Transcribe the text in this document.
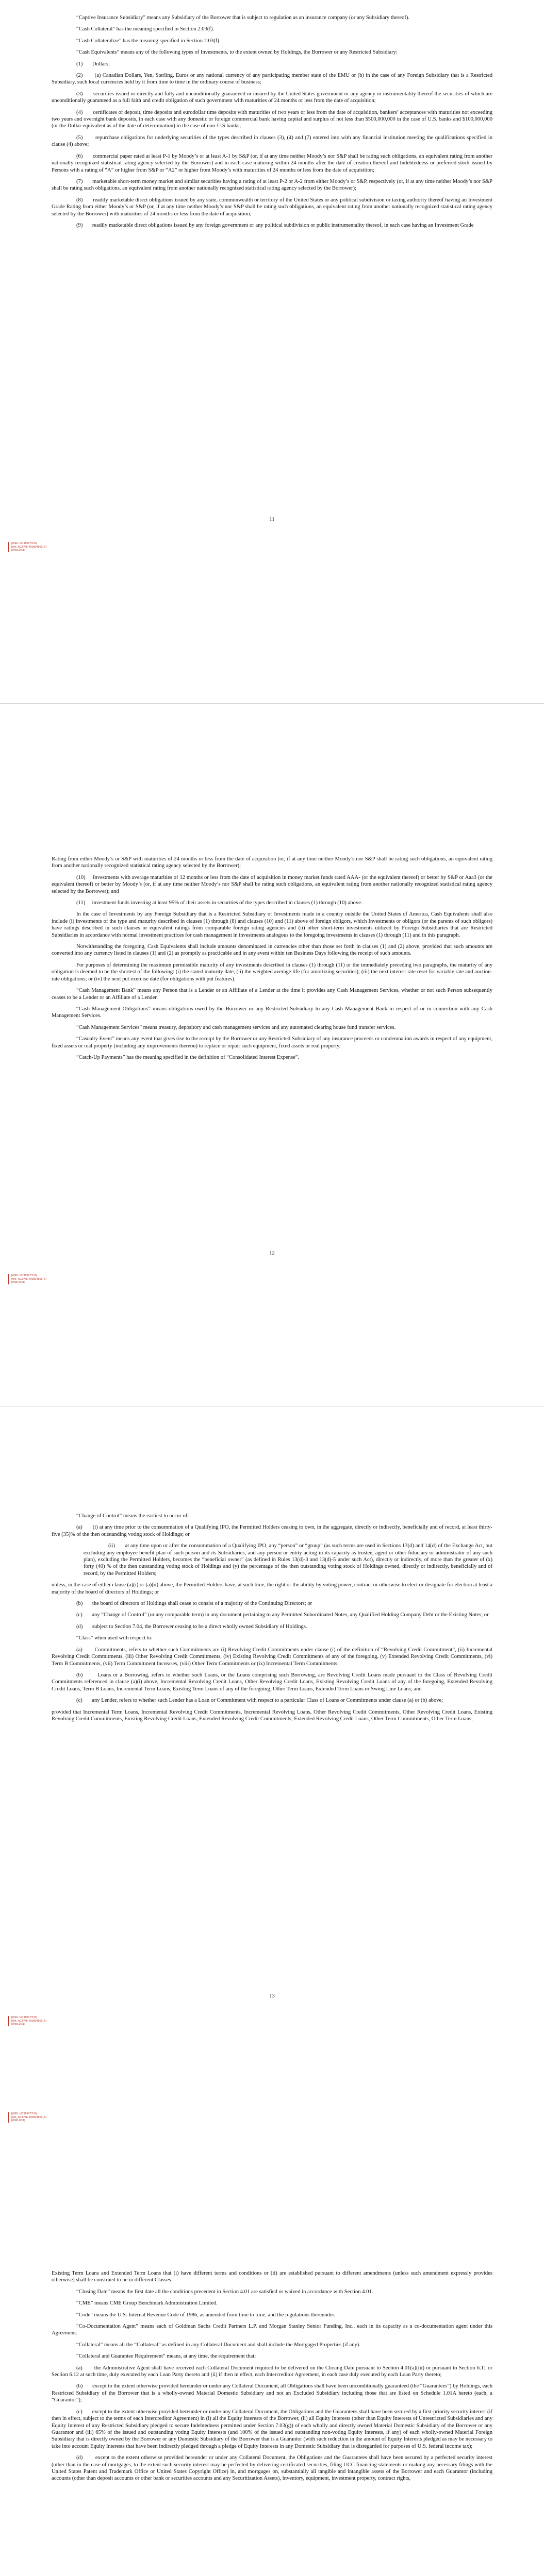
“Captive Insurance Subsidiary” means any Subsidiary of the Borrower that is subject to regulation as an insurance company (or any Subsidiary thereof).

“Cash Collateral” has the meaning specified in Section 2.03(f).

“Cash Collateralize” has the meaning specified in Section 2.03(f).

“Cash Equivalents” means any of the following types of Investments, to the extent owned by Holdings, the Borrower or any Restricted Subsidiary:

(1)       Dollars;

(2)       (a) Canadian Dollars, Yen, Sterling, Euros or any national currency of any participating member state of the EMU or (b) in the case of any Foreign Subsidiary that is a Restricted Subsidiary, such local currencies held by it from time to time in the ordinary course of business;

(3)       securities issued or directly and fully and unconditionally guaranteed or insured by the United States government or any agency or instrumentality thereof the securities of which are unconditionally guaranteed as a full faith and credit obligation of such government with maturities of 24 months or less from the date of acquisition;

(4)       certificates of deposit, time deposits and eurodollar time deposits with maturities of two years or less from the date of acquisition, bankers’ acceptances with maturities not exceeding two years and overnight bank deposits, in each case with any domestic or foreign commercial bank having capital and surplus of not less than $500,000,000 in the case of U.S. banks and $100,000,000 (or the Dollar equivalent as of the date of determination) in the case of non-U.S banks;

(5)       repurchase obligations for underlying securities of the types described in clauses (3), (4) and (7) entered into with any financial institution meeting the qualifications specified in clause (4) above;

(6)       commercial paper rated at least P-1 by Moody’s or at least A-1 by S&P (or, if at any time neither Moody’s nor S&P shall be rating such obligations, an equivalent rating from another nationally recognized statistical rating agency selected by the Borrower) and in each case maturing within 24 months after the date of creation thereof and Indebtedness or preferred stock issued by Persons with a rating of “A” or higher from S&P or “A2” or higher from Moody’s with maturities of 24 months or less from the date of acquisition;

(7)       marketable short-term money market and similar securities having a rating of at least P-2 or A-2 from either Moody’s or S&P, respectively (or, if at any time neither Moody’s nor S&P shall be rating such obligations, an equivalent rating from another nationally recognized statistical rating agency selected by the Borrower);

(8)       readily marketable direct obligations issued by any state, commonwealth or territory of the United States or any political subdivision or taxing authority thereof having an Investment Grade Rating from either Moody’s or S&P (or, if at any time neither Moody’s nor S&P shall be rating such obligations, an equivalent rating from another nationally recognized statistical rating agency selected by the Borrower) with maturities of 24 months or less from the date of acquisition;

(9)       readily marketable direct obligations issued by any foreign government or any political subdivision or public instrumentality thereof, in each case having an Investment Grade

11
[WEIL:\97119973\1\\]
[AM_ACTIVE 400804509_6]
[WWL00:1]

Rating from either Moody’s or S&P with maturities of 24 months or less from the date of acquisition (or, if at any time neither Moody’s nor S&P shall be rating such obligations, an equivalent rating from another nationally recognized statistical rating agency selected by the Borrower);

(10)     Investments with average maturities of 12 months or less from the date of acquisition in money market funds rated AAA- (or the equivalent thereof) or better by S&P or Aaa3 (or the equivalent thereof) or better by Moody’s (or, if at any time neither Moody’s nor S&P shall be rating such obligations, an equivalent rating from another nationally recognized statistical rating agency selected by the Borrower); and

(11)     investment funds investing at least 95% of their assets in securities of the types described in clauses (1) through (10) above.

In the case of Investments by any Foreign Subsidiary that is a Restricted Subsidiary or Investments made in a country outside the United States of America, Cash Equivalents shall also include (i) investments of the type and maturity described in clauses (1) through (8) and clauses (10) and (11) above of foreign obligors, which Investments or obligors (or the parents of such obligors) have ratings described in such clauses or equivalent ratings from comparable foreign rating agencies and (ii) other short-term investments utilized by Foreign Subsidiaries that are Restricted Subsidiaries in accordance with normal investment practices for cash management in investments analogous to the foregoing investments in clauses (1) through (11) and in this paragraph.

Notwithstanding the foregoing, Cash Equivalents shall include amounts denominated in currencies other than those set forth in clauses (1) and (2) above, provided that such amounts are converted into any currency listed in clauses (1) and (2) as promptly as practicable and in any event within ten Business Days following the receipt of such amounts.

For purposes of determining the maximum permissible maturity of any investments described in clauses (1) through (11) or the immediately preceding two paragraphs, the maturity of any obligation is deemed to be the shortest of the following: (i) the stated maturity date, (ii) the weighted average life (for amortizing securities); (iii) the next interest rate reset for variable rate and auction-rate obligations; or (iv) the next put exercise date (for obligations with put features).

“Cash Management Bank” means any Person that is a Lender or an Affiliate of a Lender at the time it provides any Cash Management Services, whether or not such Person subsequently ceases to be a Lender or an Affiliate of a Lender.

“Cash Management Obligations” means obligations owed by the Borrower or any Restricted Subsidiary to any Cash Management Bank in respect of or in connection with any Cash Management Services.

“Cash Management Services” means treasury, depository and cash management services and any automated clearing house fund transfer services.

“Casualty Event” means any event that gives rise to the receipt by the Borrower or any Restricted Subsidiary of any insurance proceeds or condemnation awards in respect of any equipment, fixed assets or real property (including any improvements thereon) to replace or repair such equipment, fixed assets or real property.

“Catch-Up Payments” has the meaning specified in the definition of “Consolidated Interest Expense”.

12
[WEIL:\97119973\1\\]
[AM_ACTIVE 400804509_6]
[WWL00:1]

“Change of Control” means the earliest to occur of:

(a)       (i) at any time prior to the consummation of a Qualifying IPO, the Permitted Holders ceasing to own, in the aggregate, directly or indirectly, beneficially and of record, at least thirty-five (35)% of the then outstanding voting stock of Holdings; or

(ii)       at any time upon or after the consummation of a Qualifying IPO, any “person” or “group” (as such terms are used in Sections 13(d) and 14(d) of the Exchange Act, but excluding any employee benefit plan of such person and its Subsidiaries, and any person or entity acting in its capacity as trustee, agent or other fiduciary or administrator of any such plan), excluding the Permitted Holders, becomes the “beneficial owner” (as defined in Rules 13(d)-3 and 13(d)-5 under such Act), directly or indirectly, of more than the greater of (x) forty (40) % of the then outstanding voting stock of Holdings and (y) the percentage of the then outstanding voting stock of Holdings owned, directly or indirectly, beneficially and of record, by the Permitted Holders;

unless, in the case of either clause (a)(i) or (a)(ii) above, the Permitted Holders have, at such time, the right or the ability by voting power, contract or otherwise to elect or designate for election at least a majority of the board of directors of Holdings; or

(b)       the board of directors of Holdings shall cease to consist of a majority of the Continuing Directors; or

(c)       any “Change of Control” (or any comparable term) in any document pertaining to any Permitted Subordinated Notes, any Qualified Holding Company Debt or the Existing Notes; or

(d)       subject to Section 7.04, the Borrower ceasing to be a direct wholly owned Subsidiary of Holdings.

“Class” when used with respect to:

(a)       Commitments, refers to whether such Commitments are (i) Revolving Credit Commitments under clause (i) of the definition of “Revolving Credit Commitment”, (ii) Incremental Revolving Credit Commitments, (iii) Other Revolving Credit Commitments, (iv) Existing Revolving Credit Commitments of any of the foregoing, (v) Extended Revolving Credit Commitments, (vi) Term B Commitments, (vii) Term Commitment Increases, (viii) Other Term Commitments or (ix) Incremental Term Commitments;

(b)       Loans or a Borrowing, refers to whether such Loans, or the Loans comprising such Borrowing, are Revolving Credit Loans made pursuant to the Class of Revolving Credit Commitments referenced in clause (a)(i) above, Incremental Revolving Credit Loans, Other Revolving Credit Loans, Existing Revolving Credit Loans of any of the foregoing, Extended Revolving Credit Loans, Term B Loans, Incremental Term Loans, Existing Term Loans of any of the foregoing, Other Term Loans, Extended Term Loans or Swing Line Loans; and

(c)       any Lender, refers to whether such Lender has a Loan or Commitment with respect to a particular Class of Loans or Commitments under clause (a) or (b) above;

provided that Incremental Term Loans, Incremental Revolving Credit Commitments, Incremental Revolving Loans, Other Revolving Credit Commitments, Other Revolving Credit Loans, Existing Revolving Credit Commitments, Existing Revolving Credit Loans, Extended Revolving Credit Commitments, Extended Revolving Credit Loans, Other Term Commitments, Other Term Loans,

13
[WEIL:\97119973\1\\]
[AM_ACTIVE 400804509_6]
[WWL00:1]
[WEIL:\97119973\1\\]
[AM_ACTIVE 400804509_6]
[WWL00:1]

Existing Term Loans and Extended Term Loans that (i) have different terms and conditions or (ii) are established pursuant to different amendments (unless such amendment expressly provides otherwise) shall be construed to be in different Classes.

“Closing Date” means the first date all the conditions precedent in Section 4.01 are satisfied or waived in accordance with Section 4.01.

“CME” means CME Group Benchmark Administration Limited.

“Code” means the U.S. Internal Revenue Code of 1986, as amended from time to time, and the regulations thereunder.

“Co-Documentation Agent” means each of Goldman Sachs Credit Partners L.P. and Morgan Stanley Senior Funding, Inc., each in its capacity as a co-documentation agent under this Agreement.

“Collateral” means all the “Collateral” as defined in any Collateral Document and shall include the Mortgaged Properties (if any).

“Collateral and Guarantee Requirement” means, at any time, the requirement that:

(a)       the Administrative Agent shall have received each Collateral Document required to be delivered on the Closing Date pursuant to Section 4.01(a)(iii) or pursuant to Section 6.11 or Section 6.12 at such time, duly executed by each Loan Party thereto and (ii) if then in effect, each Intercreditor Agreement, in each case duly executed by each Loan Party thereto;

(b)       except to the extent otherwise provided hereunder or under any Collateral Document, all Obligations shall have been unconditionally guaranteed (the “Guarantees”) by Holdings, each Restricted Subsidiary of the Borrower that is a wholly-owned Material Domestic Subsidiary and not an Excluded Subsidiary including those that are listed on Schedule 1.01A hereto (each, a “Guarantor”);

(c)       except to the extent otherwise provided hereunder or under any Collateral Document, the Obligations and the Guarantees shall have been secured by a first-priority security interest (if then in effect, subject to the terms of each Intercreditor Agreement) in (i) all the Equity Interests of the Borrower, (ii) all Equity Interests (other than Equity Interests of Unrestricted Subsidiaries and any Equity Interest of any Restricted Subsidiary pledged to secure Indebtedness permitted under Section 7.03(g)) of each wholly and directly owned Material Domestic Subsidiary of the Borrower or any Guarantor and (iii) 65% of the issued and outstanding voting Equity Interests (and 100% of the issued and outstanding non-voting Equity Interests, if any) of each wholly-owned Material Foreign Subsidiary that is directly owned by the Borrower or any Domestic Subsidiary of the Borrower that is a Guarantor (with such reduction in the amount of Equity Interests pledged as may be necessary to take into account Equity Interests that have been indirectly pledged through a pledge of Equity Interests in any Domestic Subsidiary that is disregarded for purposes of U.S. federal income tax);

(d)       except to the extent otherwise provided hereunder or under any Collateral Document, the Obligations and the Guarantees shall have been secured by a perfected security interest (other than in the case of mortgages, to the extent such security interest may be perfected by delivering certificated securities, filing UCC financing statements or making any necessary filings with the United States Patent and Trademark Office or United States Copyright Office) in, and mortgages on, substantially all tangible and intangible assets of the Borrower and each Guarantor (including accounts (other than deposit accounts or other bank or securities accounts and any Securitization Assets), inventory, equipment, investment property, contract rights,
